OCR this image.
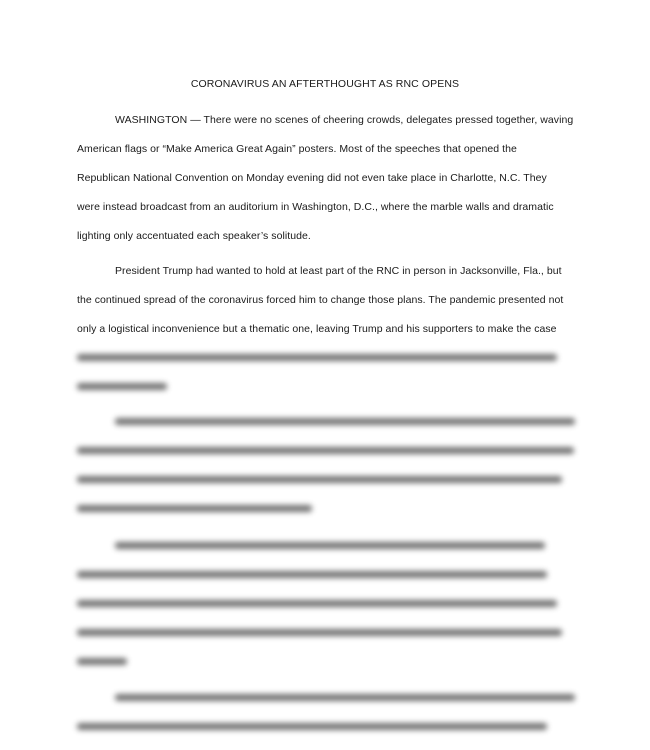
CORONAVIRUS AN AFTERTHOUGHT AS RNC OPENS
WASHINGTON — There were no scenes of cheering crowds, delegates pressed together, waving
American flags or “Make America Great Again” posters. Most of the speeches that opened the
Republican National Convention on Monday evening did not even take place in Charlotte, N.C. They
were instead broadcast from an auditorium in Washington, D.C., where the marble walls and dramatic
lighting only accentuated each speaker’s solitude.
President Trump had wanted to hold at least part of the RNC in person in Jacksonville, Fla., but
the continued spread of the coronavirus forced him to change those plans. The pandemic presented not
only a logistical inconvenience but a thematic one, leaving Trump and his supporters to make the case
